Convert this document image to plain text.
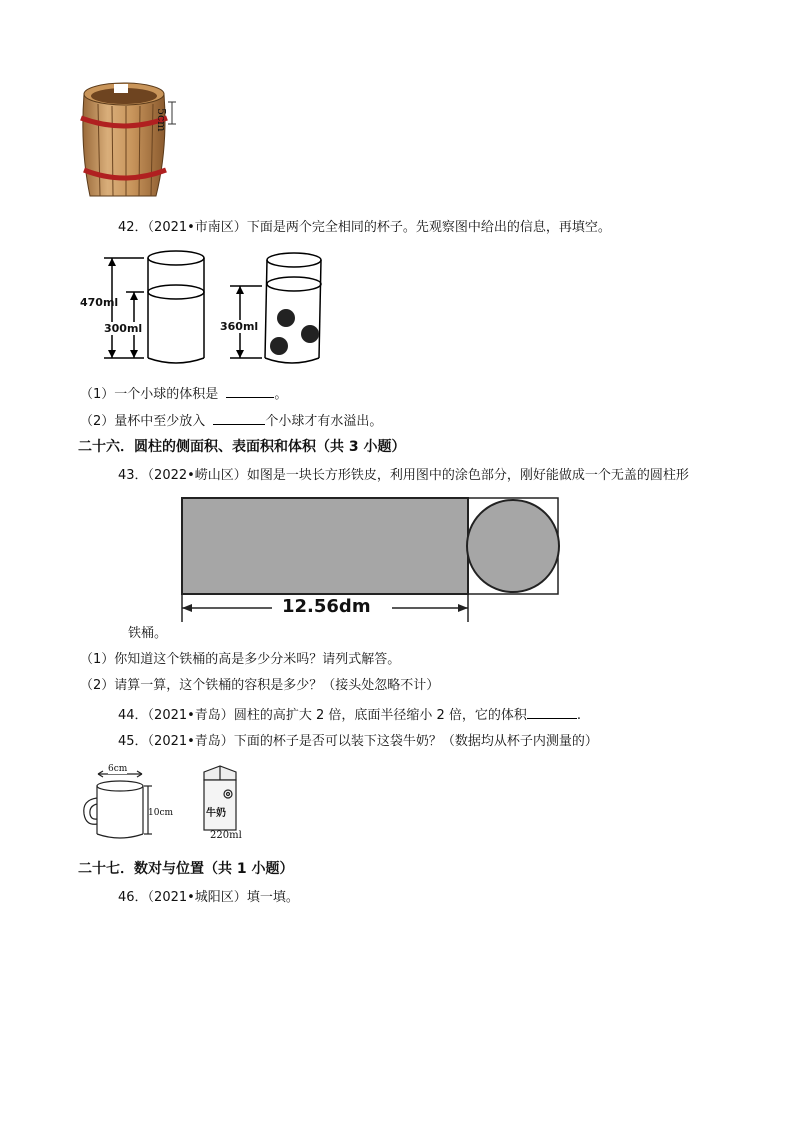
5cm
42．（2021•市南区）下面是两个完全相同的杯子。先观察图中给出的信息，再填空。
470ml
300ml	360ml
（1）一个小球的体积是	。
（2）量杯中至少放入	个小球才有水溢出。
二十六．圆柱的侧面积、表面积和体积（共 3 小题）
43．（2022•崂山区）如图是一块长方形铁皮，利用图中的涂色部分，刚好能做成一个无盖的圆柱形
12.56dm
铁桶。
（1）你知道这个铁桶的高是多少分米吗？请列式解答。
（2）请算一算，这个铁桶的容积是多少？（接头处忽略不计）
44．（2021•青岛）圆柱的高扩大 2 倍，底面半径缩小 2 倍，它的体积	.
45．（2021•青岛）下面的杯子是否可以装下这袋牛奶？（数据均从杯子内测量的）
6cm
10cm	牛奶
220ml
二十七．数对与位置（共 1 小题）
46．（2021•城阳区）填一填。
